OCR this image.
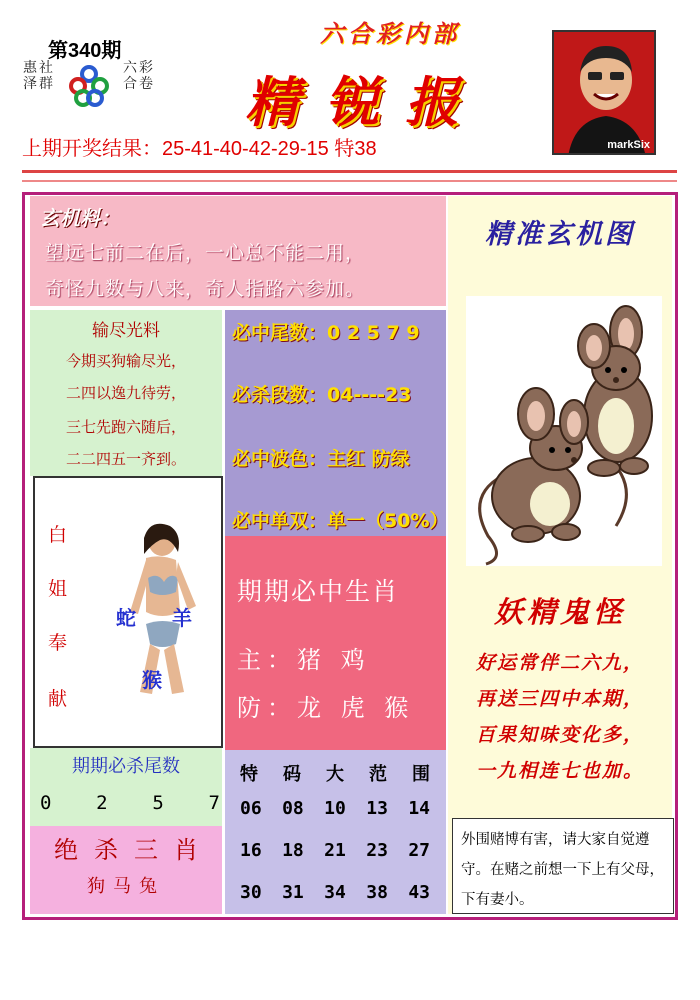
第340期
惠泽
社群
六合
彩卷
六合彩内部
精锐报
上期开奖结果：25-41-40-42-29-15 特38	markSix
玄机料：
望远七前二在后，一心总不能二用，
奇怪九数与八来，奇人指路六参加。
输尽光料
今期买狗输尽光，
二四以逸九待劳，
三七先跑六随后，
二二四五一齐到。
必中尾数：0 2 5 7 9
必杀段数：04----23
必中波色：主红 防绿
必中单双：单一（50%）
白
姐
奉
献
蛇 羊
猴
期期必中生肖
主：猪 鸡
防：龙 虎 猴
期期必杀尾数
0 2 5 7
绝杀三肖
狗马兔
特 码 大 范 围
06 08 10 13 14
16 18 21 23 27
30 31 34 38 43
精准玄机图
妖精鬼怪
好运常伴二六九，
再送三四中本期，
百果知味变化多，
一九相连七也加。
外围赌博有害，请大家自觉遵守。在赌之前想一下上有父母，下有妻小。
